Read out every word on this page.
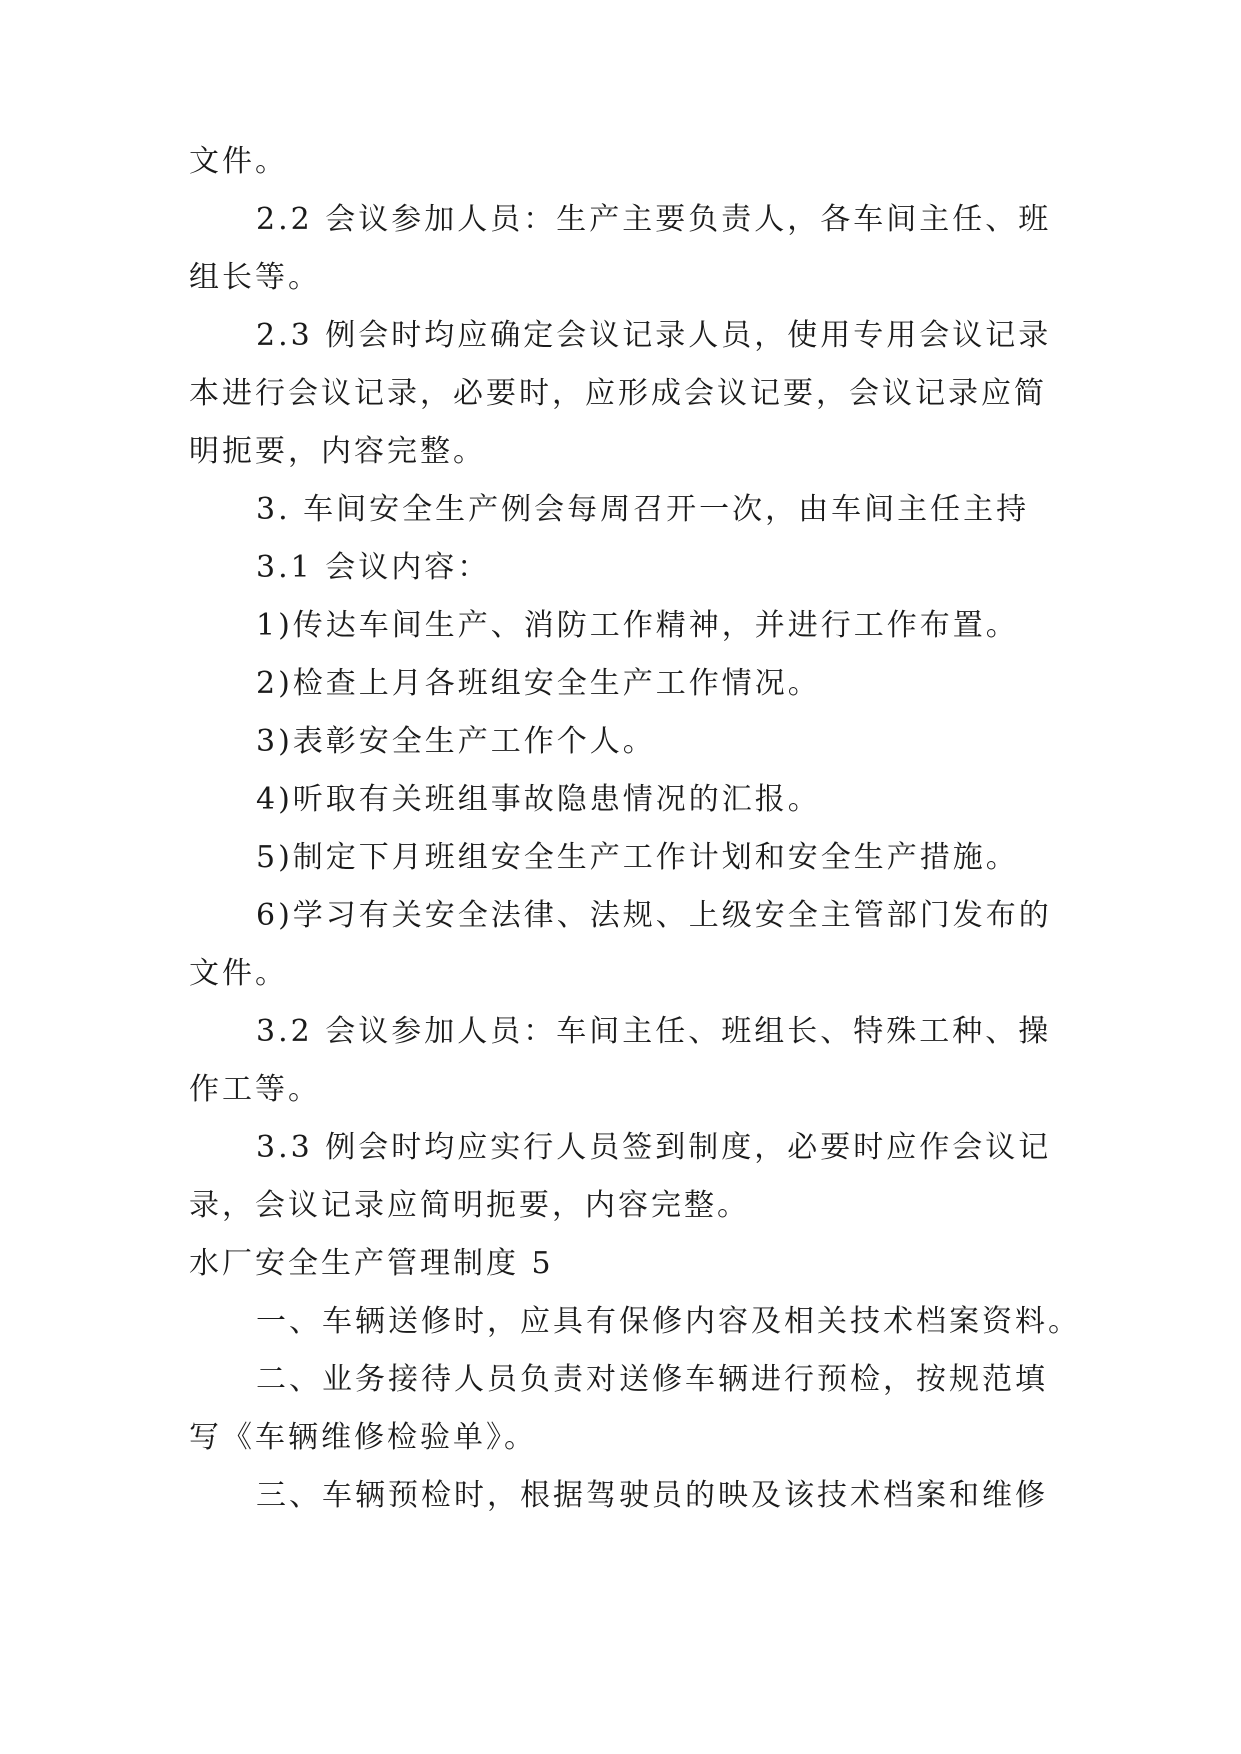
文件。
2.2 会议参加人员：生产主要负责人，各车间主任、班
组长等。
2.3 例会时均应确定会议记录人员，使用专用会议记录
本进行会议记录，必要时，应形成会议记要，会议记录应简
明扼要，内容完整。
3. 车间安全生产例会每周召开一次，由车间主任主持
3.1 会议内容：
1)传达车间生产、消防工作精神，并进行工作布置。
2)检查上月各班组安全生产工作情况。
3)表彰安全生产工作个人。
4)听取有关班组事故隐患情况的汇报。
5)制定下月班组安全生产工作计划和安全生产措施。
6)学习有关安全法律、法规、上级安全主管部门发布的
文件。
3.2 会议参加人员：车间主任、班组长、特殊工种、操
作工等。
3.3 例会时均应实行人员签到制度，必要时应作会议记
录，会议记录应简明扼要，内容完整。
水厂安全生产管理制度 5
一、车辆送修时，应具有保修内容及相关技术档案资料。
二、业务接待人员负责对送修车辆进行预检，按规范填
写《车辆维修检验单》。
三、车辆预检时，根据驾驶员的映及该技术档案和维修
